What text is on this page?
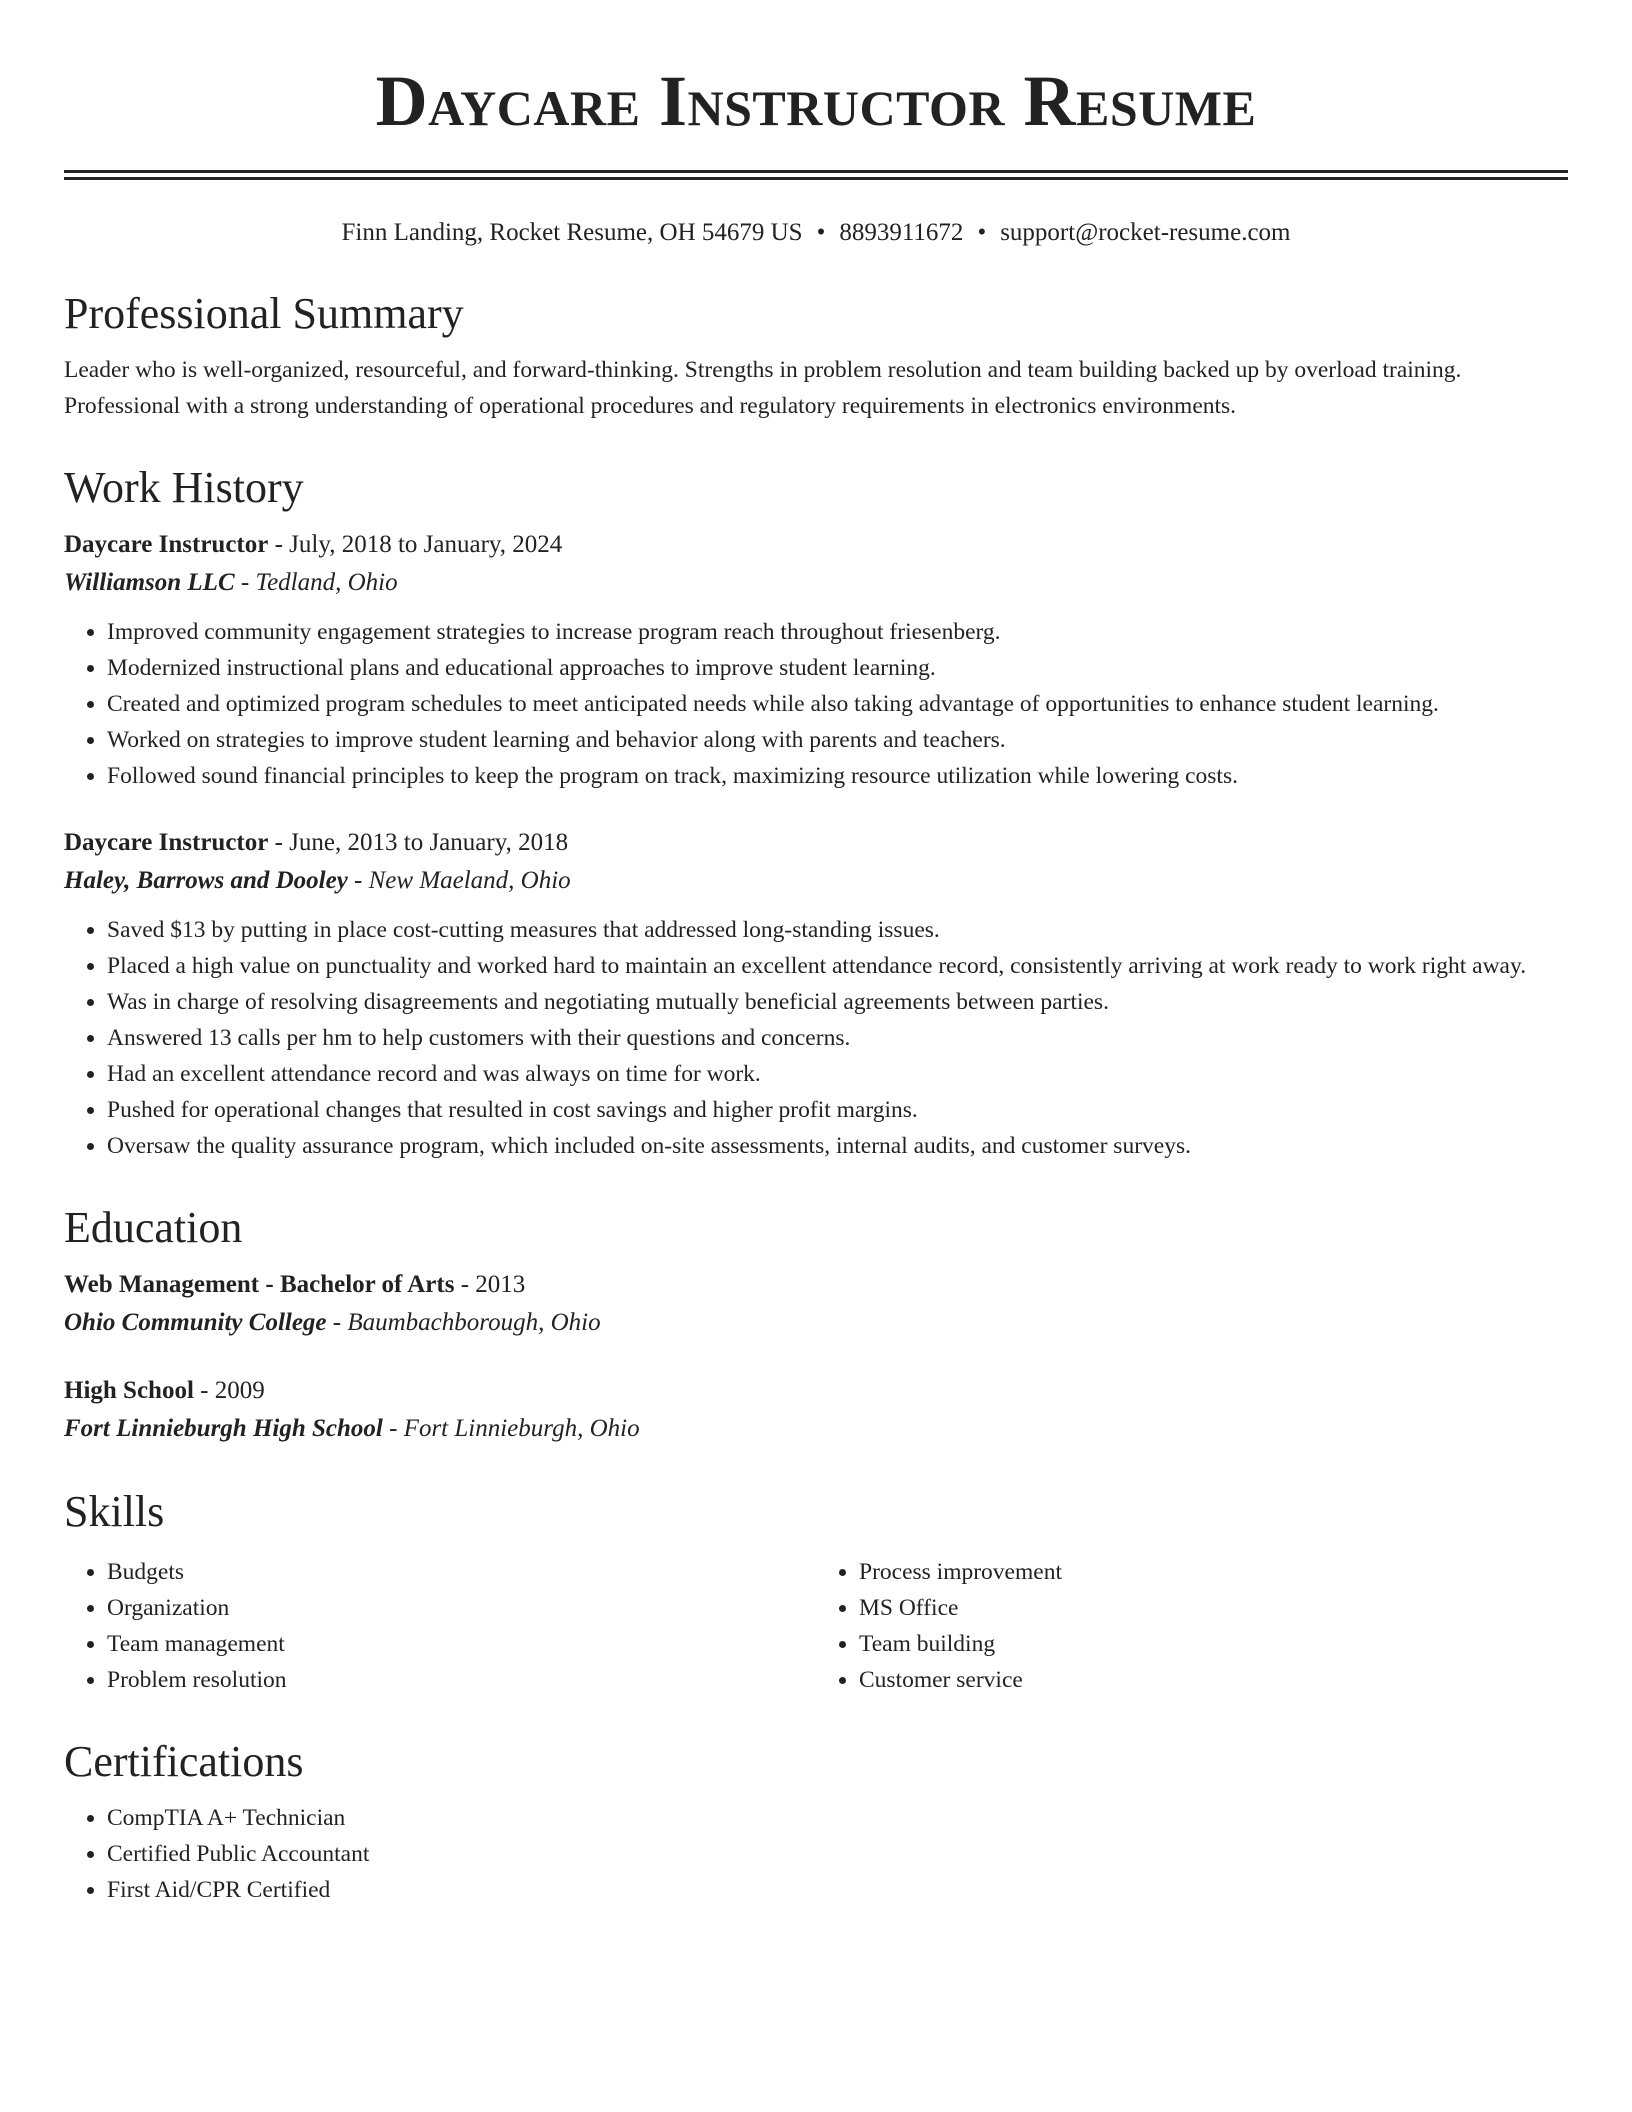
Daycare Instructor Resume
Finn Landing, Rocket Resume, OH 54679 US • 8893911672 • support@rocket-resume.com
Professional Summary

Leader who is well-organized, resourceful, and forward-thinking. Strengths in problem resolution and team building backed up by overload training. Professional with a strong understanding of operational procedures and regulatory requirements in electronics environments.

Work History
Daycare Instructor - July, 2018 to January, 2024
Williamson LLC - Tedland, Ohio
• Improved community engagement strategies to increase program reach throughout friesenberg.
• Modernized instructional plans and educational approaches to improve student learning.
• Created and optimized program schedules to meet anticipated needs while also taking advantage of opportunities to enhance student learning.
• Worked on strategies to improve student learning and behavior along with parents and teachers.
• Followed sound financial principles to keep the program on track, maximizing resource utilization while lowering costs.
Daycare Instructor - June, 2013 to January, 2018
Haley, Barrows and Dooley - New Maeland, Ohio
• Saved $13 by putting in place cost-cutting measures that addressed long-standing issues.
• Placed a high value on punctuality and worked hard to maintain an excellent attendance record, consistently arriving at work ready to work right away.
• Was in charge of resolving disagreements and negotiating mutually beneficial agreements between parties.
• Answered 13 calls per hm to help customers with their questions and concerns.
• Had an excellent attendance record and was always on time for work.
• Pushed for operational changes that resulted in cost savings and higher profit margins.
• Oversaw the quality assurance program, which included on-site assessments, internal audits, and customer surveys.
Education
Web Management - Bachelor of Arts - 2013
Ohio Community College - Baumbachborough, Ohio
High School - 2009
Fort Linnieburgh High School - Fort Linnieburgh, Ohio
Skills
• Budgets
• Organization
• Team management
• Problem resolution
• Process improvement
• MS Office
• Team building
• Customer service
Certifications
• CompTIA A+ Technician
• Certified Public Accountant
• First Aid/CPR Certified
